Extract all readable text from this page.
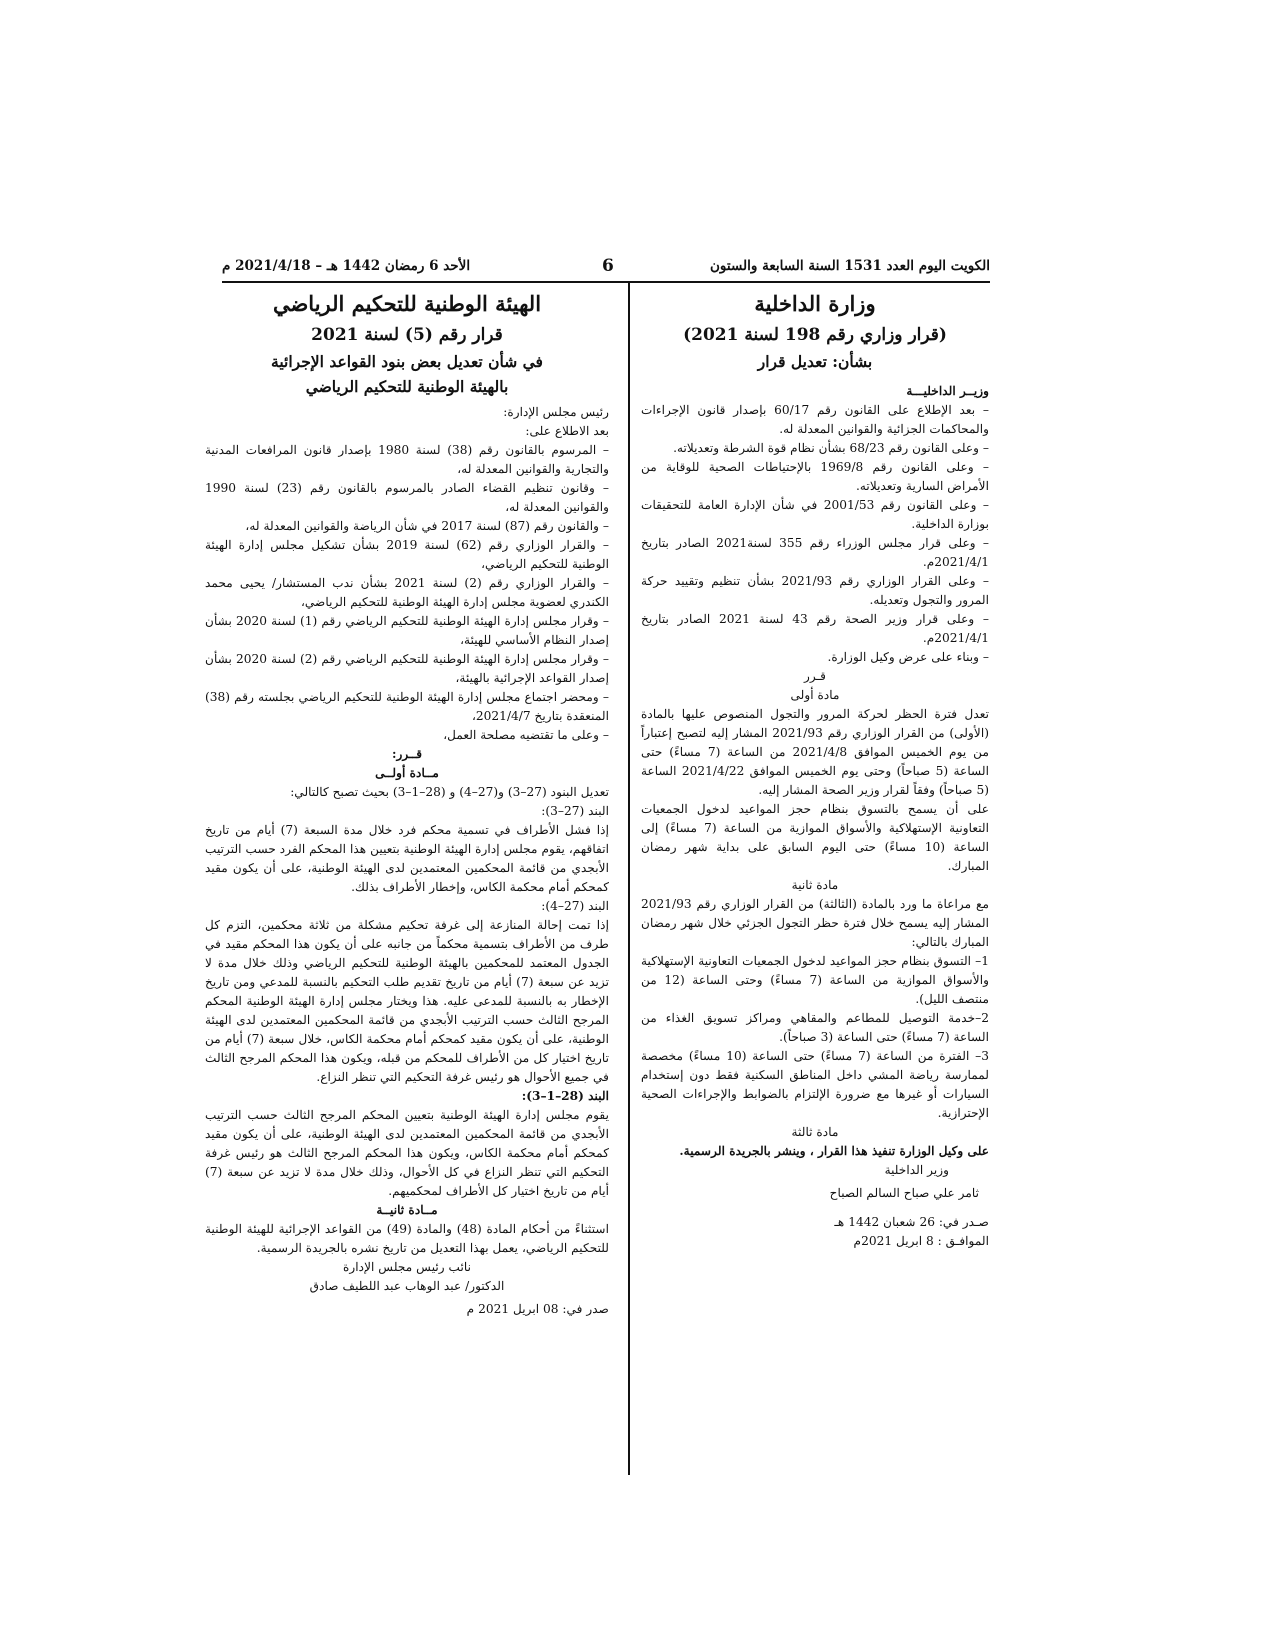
الكويت اليوم العدد 1531 السنة السابعة والستون
6
الأحد 6 رمضان 1442 هـ – 2021/4/18 م

وزارة الداخلية

(قرار وزاري رقم 198 لسنة 2021)

بشأن: تعديل قرار

وزيــر الداخليـــة

– بعد الإطلاع على القانون رقم 60/17 بإصدار قانون الإجراءات والمحاكمات الجزائية والقوانين المعدلة له.

– وعلى القانون رقم 68/23 بشأن نظام قوة الشرطة وتعديلاته.

– وعلى القانون رقم 1969/8 بالإحتياطات الصحية للوقاية من الأمراض السارية وتعديلاته.

– وعلى القانون رقم 2001/53 في شأن الإدارة العامة للتحقيقات بوزارة الداخلية.

– وعلى قرار مجلس الوزراء رقم 355 لسنة2021 الصادر بتاريخ 2021/4/1م.

– وعلى القرار الوزاري رقم 2021/93 بشأن تنظيم وتقييد حركة المرور والتجول وتعديله.

– وعلى قرار وزير الصحة رقم 43 لسنة 2021 الصادر بتاريخ 2021/4/1م.

– وبناء على عرض وكيل الوزارة.

قـرر

مادة أولى

تعدل فترة الحظر لحركة المرور والتجول المنصوص عليها بالمادة (الأولى) من القرار الوزاري رقم 2021/93 المشار إليه لتصبح إعتباراً من يوم الخميس الموافق 2021/4/8 من الساعة (7 مساءً) حتى الساعة (5 صباحاً) وحتى يوم الخميس الموافق 2021/4/22 الساعة (5 صباحاً) وفقاً لقرار وزير الصحة المشار إليه.

على أن يسمح بالتسوق بنظام حجز المواعيد لدخول الجمعيات التعاونية الإستهلاكية والأسواق الموازية من الساعة (7 مساءً) إلى الساعة (10 مساءً) حتى اليوم السابق على بداية شهر رمضان المبارك.

مادة ثانية

مع مراعاة ما ورد بالمادة (الثالثة) من القرار الوزاري رقم 2021/93 المشار إليه يسمح خلال فترة حظر التجول الجزئي خلال شهر رمضان المبارك بالتالي:

1– التسوق بنظام حجز المواعيد لدخول الجمعيات التعاونية الإستهلاكية والأسواق الموازية من الساعة (7 مساءً) وحتى الساعة (12 من منتصف الليل).

2–خدمة التوصيل للمطاعم والمقاهي ومراكز تسويق الغذاء من الساعة (7 مساءً) حتى الساعة (3 صباحاً).

3– الفترة من الساعة (7 مساءً) حتى الساعة (10 مساءً) مخصصة لممارسة رياضة المشي داخل المناطق السكنية فقط دون إستخدام السيارات أو غيرها مع ضرورة الإلتزام بالضوابط والإجراءات الصحية الإحترازية.

مادة ثالثة

على وكيل الوزارة تنفيذ هذا القرار ، وينشر بالجريدة الرسمية.

وزير الداخلية

ثامر علي صباح السالم الصباح

صـدر في: 26 شعبان 1442 هـ

الموافـق : 8 ابريل 2021م

الهيئة الوطنية للتحكيم الرياضي

قرار رقم (5) لسنة 2021

في شأن تعديل بعض بنود القواعد الإجرائية

بالهيئة الوطنية للتحكيم الرياضي

رئيس مجلس الإدارة:

بعد الاطلاع على:

– المرسوم بالقانون رقم (38) لسنة 1980 بإصدار قانون المرافعات المدنية والتجارية والقوانين المعدلة له،

– وقانون تنظيم القضاء الصادر بالمرسوم بالقانون رقم (23) لسنة 1990 والقوانين المعدلة له،

– والقانون رقم (87) لسنة 2017 في شأن الرياضة والقوانين المعدلة له،

– والقرار الوزاري رقم (62) لسنة 2019 بشأن تشكيل مجلس إدارة الهيئة الوطنية للتحكيم الرياضي،

– والقرار الوزاري رقم (2) لسنة 2021 بشأن ندب المستشار/ يحيى محمد الكندري لعضوية مجلس إدارة الهيئة الوطنية للتحكيم الرياضي،

– وقرار مجلس إدارة الهيئة الوطنية للتحكيم الرياضي رقم (1) لسنة 2020 بشأن إصدار النظام الأساسي للهيئة،

– وقرار مجلس إدارة الهيئة الوطنية للتحكيم الرياضي رقم (2) لسنة 2020 بشأن إصدار القواعد الإجرائية بالهيئة،

– ومحضر اجتماع مجلس إدارة الهيئة الوطنية للتحكيم الرياضي بجلسته رقم (38) المنعقدة بتاريخ 2021/4/7،

– وعلى ما تقتضيه مصلحة العمل،

قــرر:

مــادة أولــى

تعديل البنود (27–3) و(27–4) و (28–1–3) بحيث تصبح كالتالي:

البند (27–3):

إذا فشل الأطراف في تسمية محكم فرد خلال مدة السبعة (7) أيام من تاريخ اتفاقهم، يقوم مجلس إدارة الهيئة الوطنية بتعيين هذا المحكم الفرد حسب الترتيب الأبجدي من قائمة المحكمين المعتمدين لدى الهيئة الوطنية، على أن يكون مقيد كمحكم أمام محكمة الكاس، وإخطار الأطراف بذلك.

البند (27–4):

إذا تمت إحالة المنازعة إلى غرفة تحكيم مشكلة من ثلاثة محكمين، التزم كل طرف من الأطراف بتسمية محكماً من جانبه على أن يكون هذا المحكم مقيد في الجدول المعتمد للمحكمين بالهيئة الوطنية للتحكيم الرياضي وذلك خلال مدة لا تزيد عن سبعة (7) أيام من تاريخ تقديم طلب التحكيم بالنسبة للمدعي ومن تاريخ الإخطار به بالنسبة للمدعى عليه. هذا ويختار مجلس إدارة الهيئة الوطنية المحكم المرجح الثالث حسب الترتيب الأبجدي من قائمة المحكمين المعتمدين لدى الهيئة الوطنية، على أن يكون مقيد كمحكم أمام محكمة الكاس، خلال سبعة (7) أيام من تاريخ اختيار كل من الأطراف للمحكم من قبله، ويكون هذا المحكم المرجح الثالث في جميع الأحوال هو رئيس غرفة التحكيم التي تنظر النزاع.

البند (28–1–3):

يقوم مجلس إدارة الهيئة الوطنية بتعيين المحكم المرجح الثالث حسب الترتيب الأبجدي من قائمة المحكمين المعتمدين لدى الهيئة الوطنية، على أن يكون مقيد كمحكم أمام محكمة الكاس، ويكون هذا المحكم المرجح الثالث هو رئيس غرفة التحكيم التي تنظر النزاع في كل الأحوال، وذلك خلال مدة لا تزيد عن سبعة (7) أيام من تاريخ اختيار كل الأطراف لمحكميهم.

مــادة ثانيــة

استثناءً من أحكام المادة (48) والمادة (49) من القواعد الإجرائية للهيئة الوطنية للتحكيم الرياضي، يعمل بهذا التعديل من تاريخ نشره بالجريدة الرسمية.

نائب رئيس مجلس الإدارة

الدكتور/ عبد الوهاب عبد اللطيف صادق

صدر في: 08 ابريل 2021 م
